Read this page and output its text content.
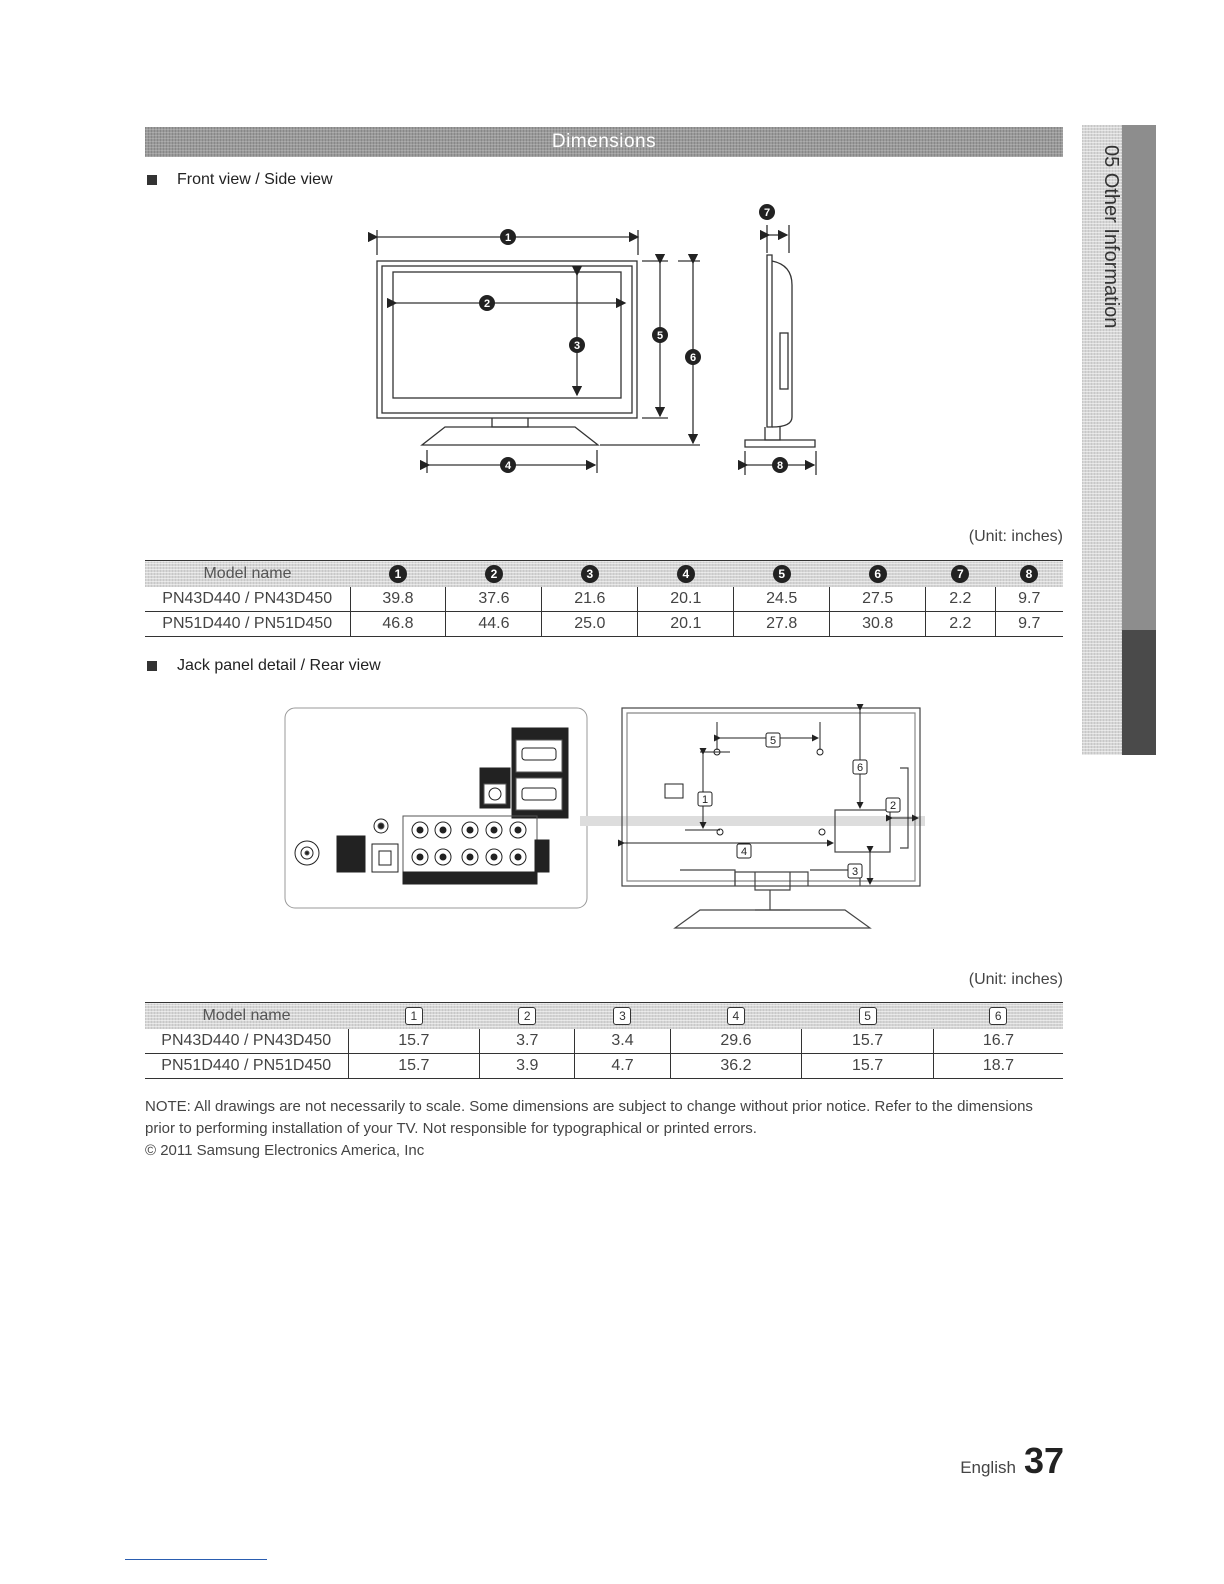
Dimensions
05 Other Information
Front view / Side view
1
2
3
4
5
6
7
8
(Unit: inches)
Model name	1	2	3	4	5	6	7	8
PN43D440 / PN43D450	39.8	37.6	21.6	20.1	24.5	27.5	2.2	9.7
PN51D440 / PN51D450	46.8	44.6	25.0	20.1	27.8	30.8	2.2	9.7
Jack panel detail / Rear view
1	2
3
4
5
6
(Unit: inches)
Model name	1	2	3	4	5	6
PN43D440 / PN43D450	15.7	3.7	3.4	29.6	15.7	16.7
PN51D440 / PN51D450	15.7	3.9	4.7	36.2	15.7	18.7
NOTE: All drawings are not necessarily to scale. Some dimensions are subject to change without prior notice. Refer to the dimensions prior to performing installation of your TV. Not responsible for typographical or printed errors.
© 2011 Samsung Electronics America, Inc
English 37
